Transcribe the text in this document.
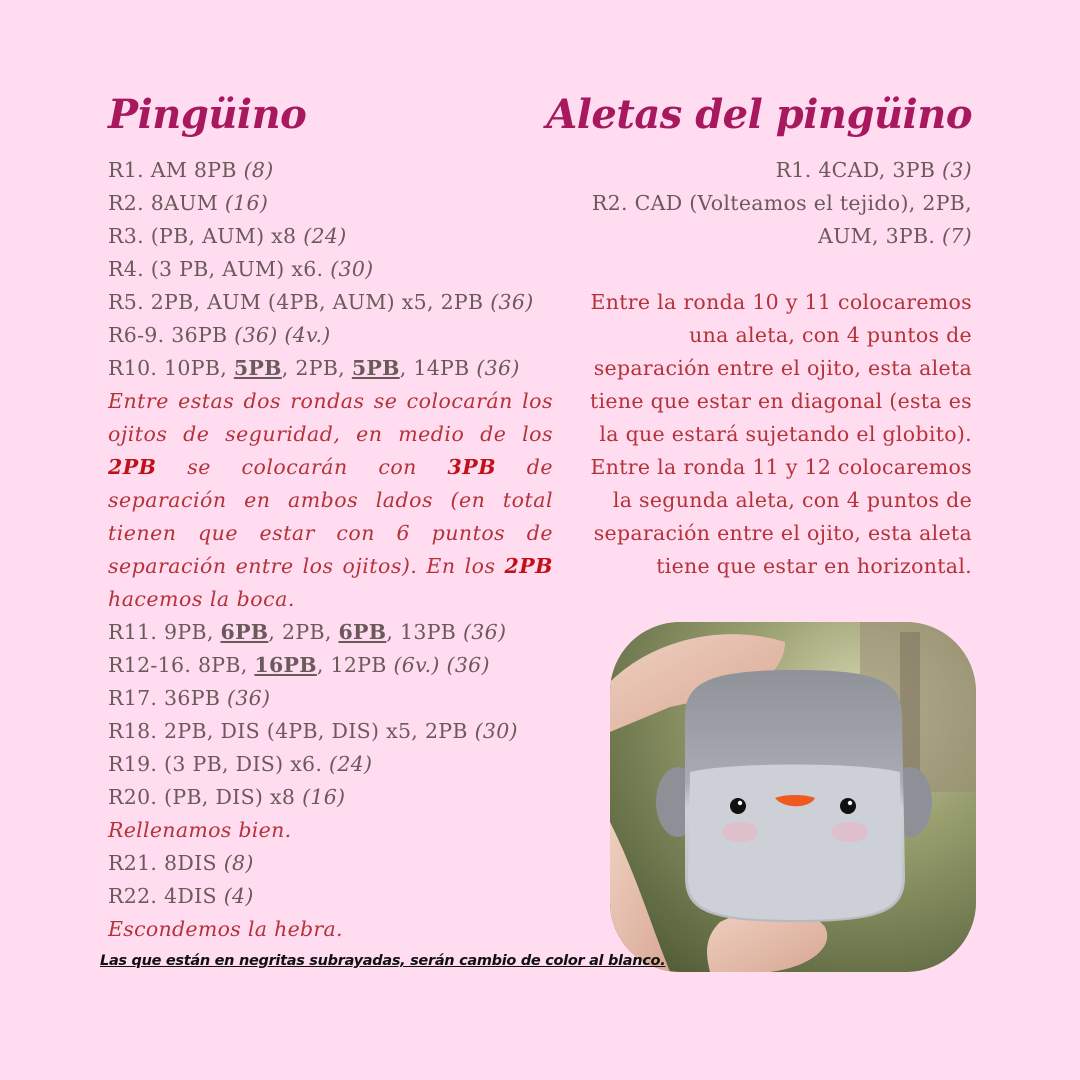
Pingüino	Aletas del pingüino
R1. AM 8PB (8)
R2. 8AUM (16)
R3. (PB, AUM) x8 (24)
R4. (3 PB, AUM) x6. (30)
R5. 2PB, AUM (4PB, AUM) x5, 2PB (36)
R6-9. 36PB (36) (4v.)
R10. 10PB, 5PB, 2PB, 5PB, 14PB (36)
Entre estas dos rondas se colocarán los ojitos de seguridad, en medio de los 2PB se colocarán con 3PB de separación en ambos lados (en total tienen que estar con 6 puntos de separación entre los ojitos). En los 2PB hacemos la boca.
R11. 9PB, 6PB, 2PB, 6PB, 13PB (36)
R12-16. 8PB, 16PB, 12PB (6v.) (36)
R17. 36PB (36)
R18. 2PB, DIS (4PB, DIS) x5, 2PB (30)
R19. (3 PB, DIS) x6. (24)
R20. (PB, DIS) x8 (16)
Rellenamos bien.
R21. 8DIS (8)
R22. 4DIS (4)
Escondemos la hebra.
R1. 4CAD, 3PB (3)
R2. CAD (Volteamos el tejido), 2PB, AUM, 3PB. (7)
Entre la ronda 10 y 11 colocaremos una aleta, con 4 puntos de separación entre el ojito, esta aleta tiene que estar en diagonal (esta es la que estará sujetando el globito).
Entre la ronda 11 y 12 colocaremos la segunda aleta, con 4 puntos de separación entre el ojito, esta aleta tiene que estar en horizontal.
Las que están en negritas subrayadas, serán cambio de color al blanco.
